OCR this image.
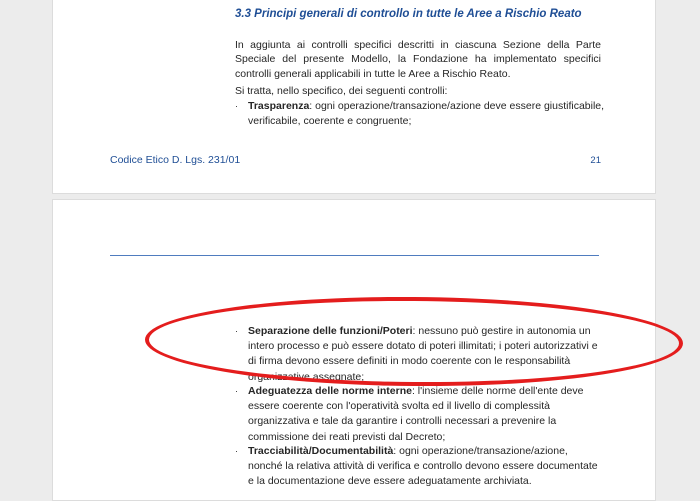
3.3 Principi generali di controllo in tutte le Aree a Rischio Reato

In aggiunta ai controlli specifici descritti in ciascuna Sezione della Parte Speciale del presente Modello, la Fondazione ha implementato specifici controlli generali applicabili in tutte le Aree a Rischio Reato.

Si tratta, nello specifico, dei seguenti controlli:
· Trasparenza: ogni operazione/transazione/azione deve essere giustificabile, verificabile, coerente e congruente;
Codice Etico D. Lgs. 231/01	21
· Separazione delle funzioni/Poteri: nessuno può gestire in autonomia un intero processo e può essere dotato di poteri illimitati; i poteri autorizzativi e di firma devono essere definiti in modo coerente con le responsabilità organizzative assegnate;
· Adeguatezza delle norme interne: l'insieme delle norme dell'ente deve essere coerente con l'operatività svolta ed il livello di complessità organizzativa e tale da garantire i controlli necessari a prevenire la commissione dei reati previsti dal Decreto;
· Tracciabilità/Documentabilità: ogni operazione/transazione/azione, nonché la relativa attività di verifica e controllo devono essere documentate e la documentazione deve essere adeguatamente archiviata.
